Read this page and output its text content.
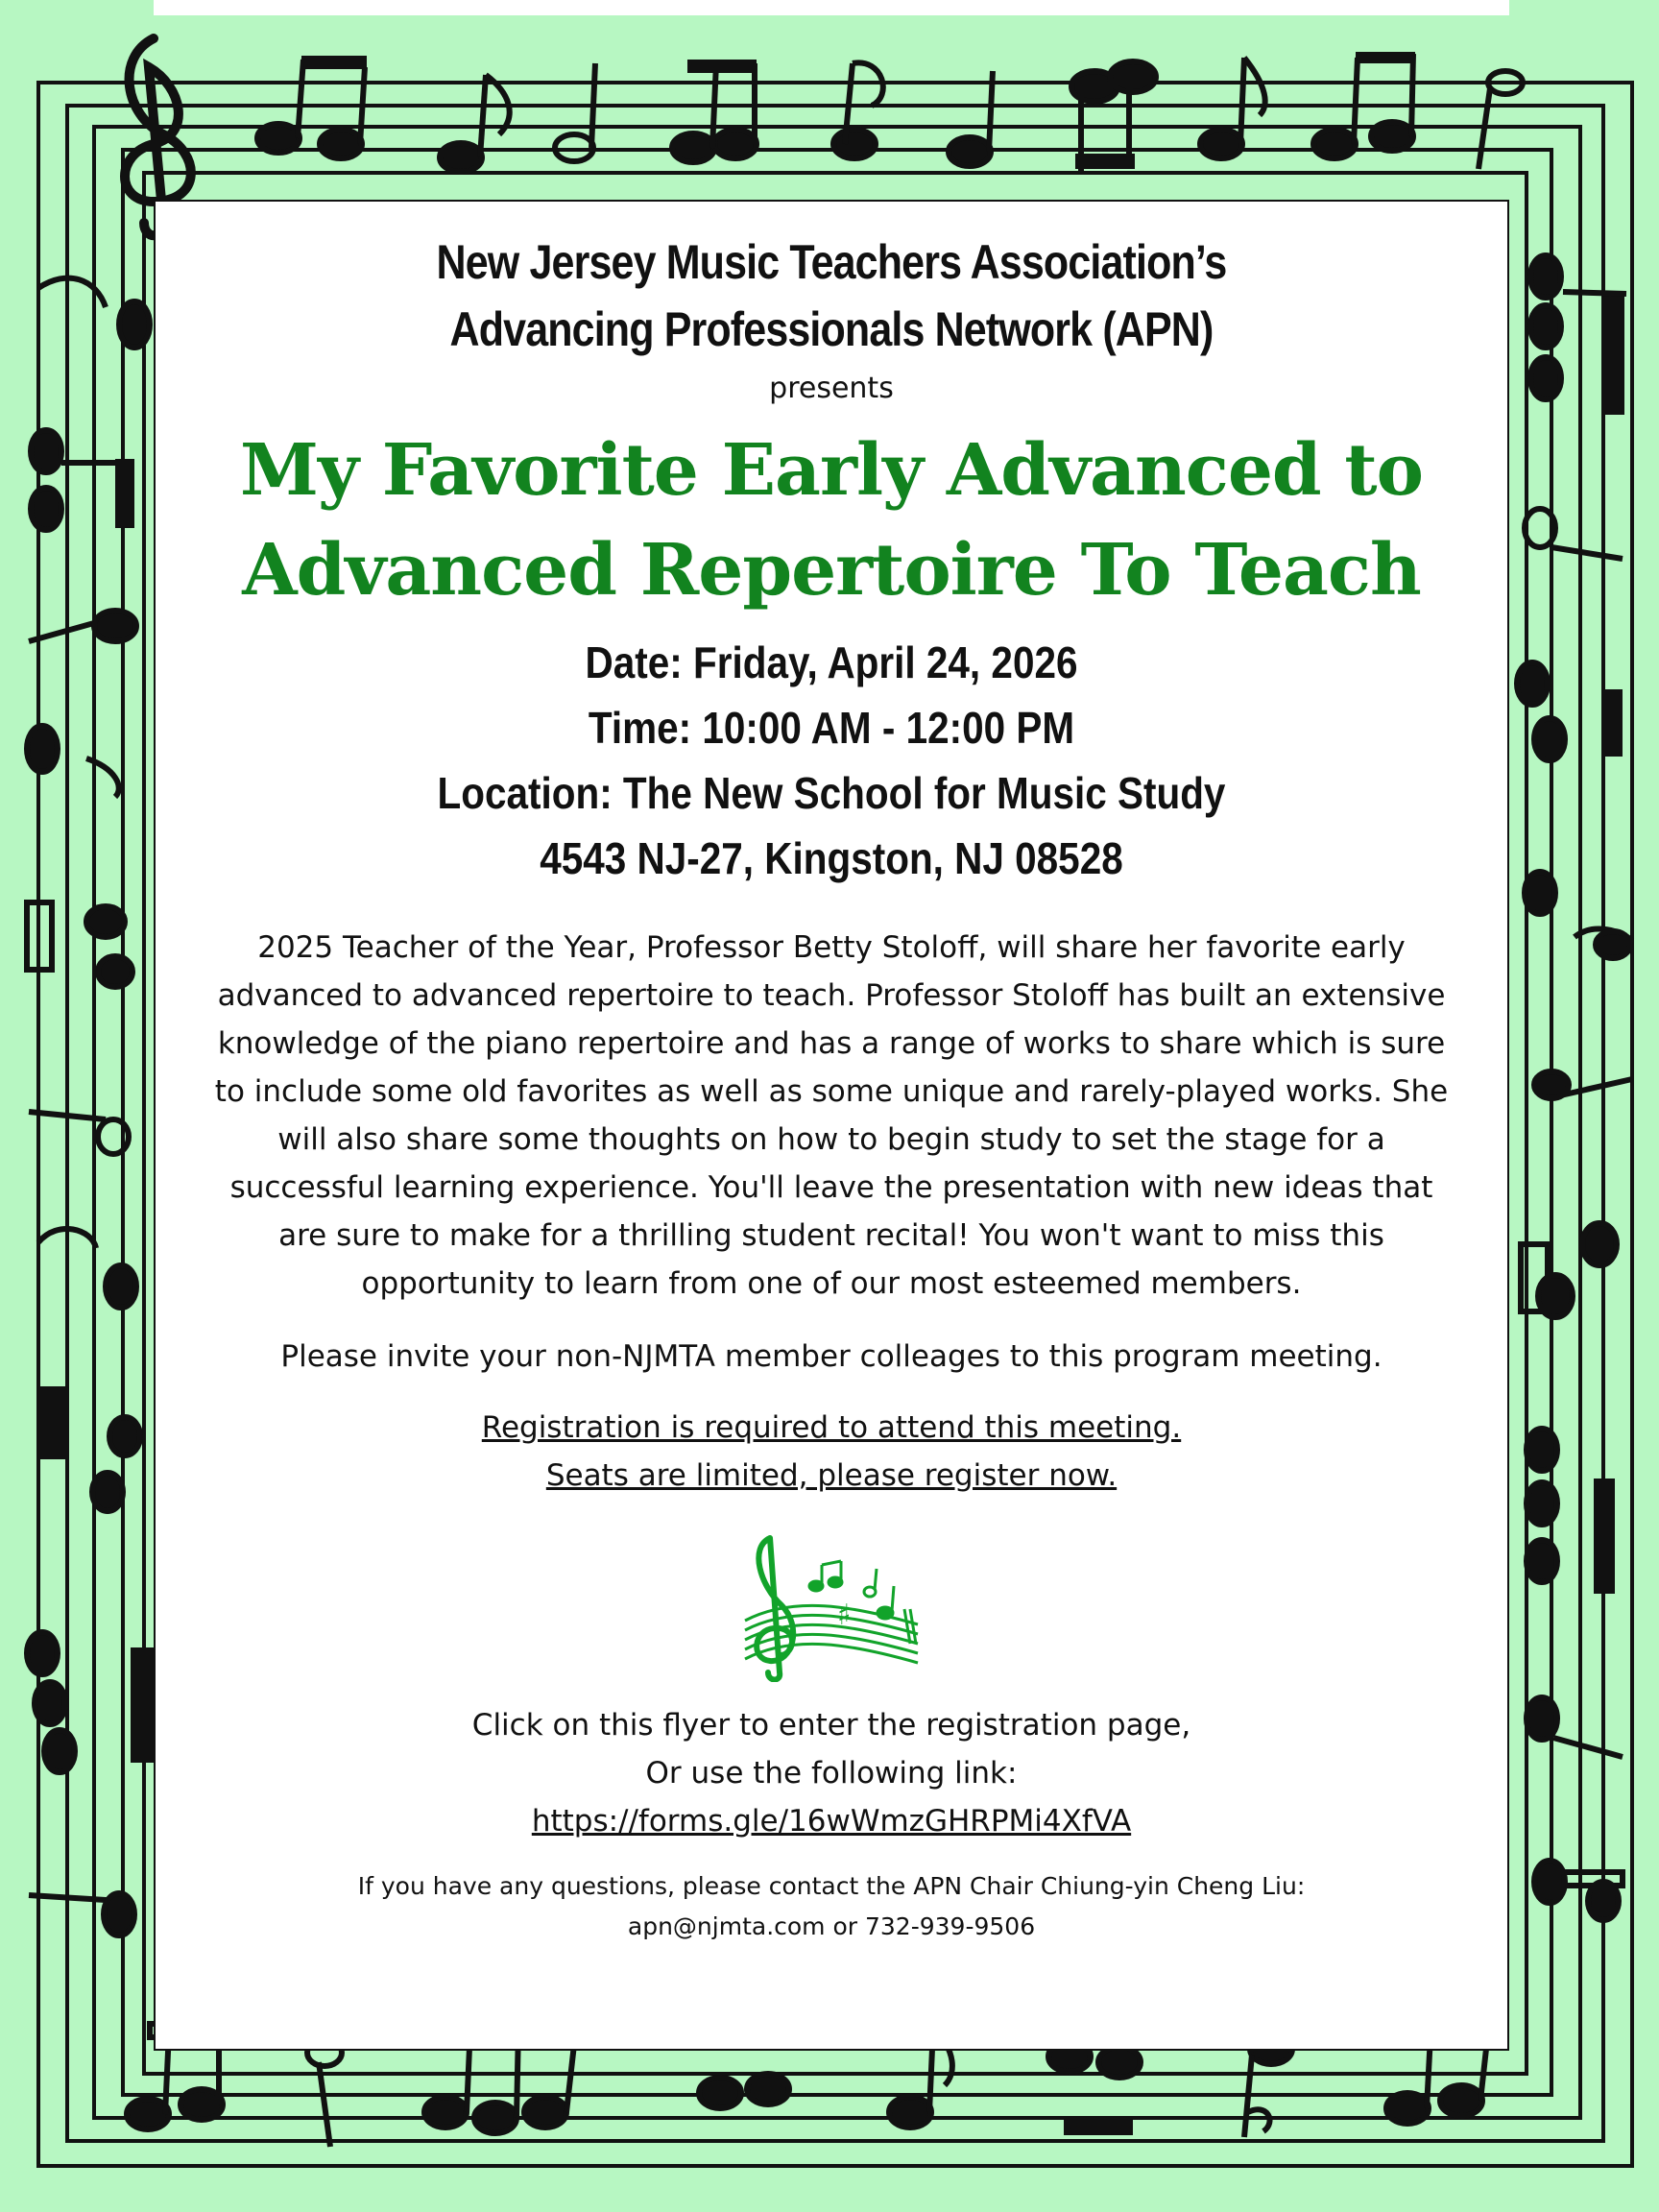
New Jersey Music Teachers Association’s
Advancing Professionals Network (APN)
presents
My Favorite Early Advanced to
Advanced Repertoire To Teach
Date: Friday, April 24, 2026
Time: 10:00 AM - 12:00 PM
Location: The New School for Music Study
4543 NJ-27, Kingston, NJ 08528
2025 Teacher of the Year, Professor Betty Stoloff, will share her favorite early advanced to advanced repertoire to teach. Professor Stoloff has built an extensive knowledge of the piano repertoire and has a range of works to share which is sure to include some old favorites as well as some unique and rarely-played works. She will also share some thoughts on how to begin study to set the stage for a successful learning experience. You'll leave the presentation with new ideas that are sure to make for a thrilling student recital! You won't want to miss this opportunity to learn from one of our most esteemed members.
Please invite your non-NJMTA member colleages to this program meeting.
Registration is required to attend this meeting.
Seats are limited, please register now.
♯
Click on this flyer to enter the registration page,
Or use the following link:
https://forms.gle/16wWmzGHRPMi4XfVA
If you have any questions, please contact the APN Chair Chiung-yin Cheng Liu:
apn@njmta.com or 732-939-9506
